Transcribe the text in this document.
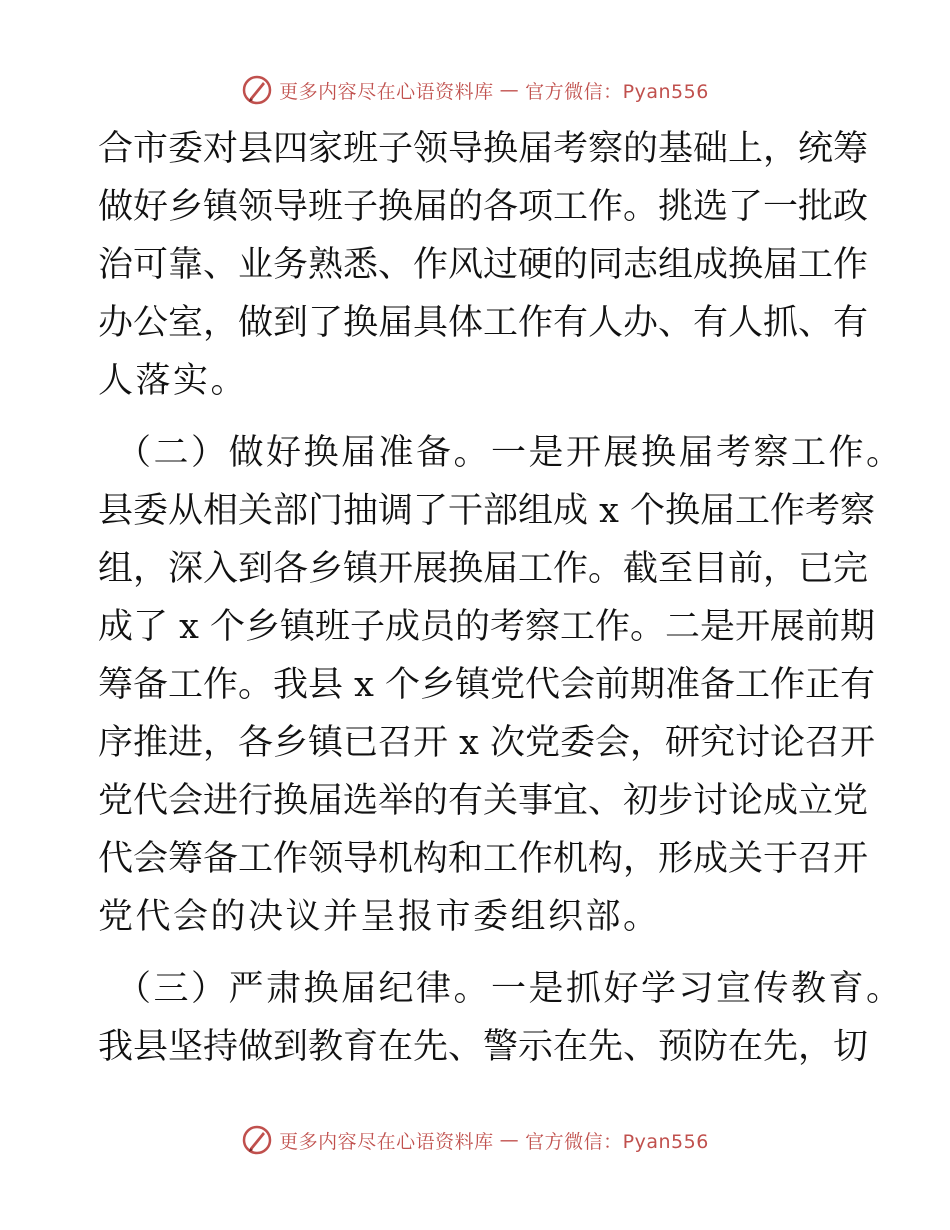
更多内容尽在心语资料库 — 官方微信：Pyan556
合市委对县四家班子领导换届考察的基础上，统筹
做好乡镇领导班子换届的各项工作。挑选了一批政
治可靠、业务熟悉、作风过硬的同志组成换届工作
办公室，做到了换届具体工作有人办、有人抓、有
人落实。
（二）做好换届准备。一是开展换届考察工作。
县委从相关部门抽调了干部组成 x 个换届工作考察
组，深入到各乡镇开展换届工作。截至目前，已完
成了 x 个乡镇班子成员的考察工作。二是开展前期
筹备工作。我县 x 个乡镇党代会前期准备工作正有
序推进，各乡镇已召开 x 次党委会，研究讨论召开
党代会进行换届选举的有关事宜、初步讨论成立党
代会筹备工作领导机构和工作机构，形成关于召开
党代会的决议并呈报市委组织部。
（三）严肃换届纪律。一是抓好学习宣传教育。
我县坚持做到教育在先、警示在先、预防在先，切
更多内容尽在心语资料库 — 官方微信：Pyan556
